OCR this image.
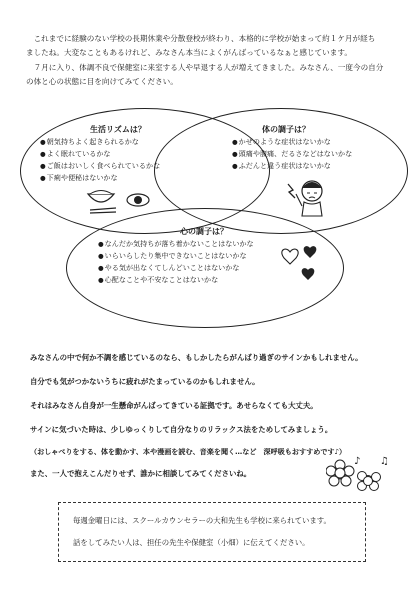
これまでに経験のない学校の長期休業や分散登校が終わり、本格的に学校が始まって約１ケ月が経ち

ましたね。大変なこともあるけれど、みなさん本当によくがんばっているなぁと感じています。

７月に入り、体調不良で保健室に来室する人や早退する人が増えてきました。みなさん、一度今の自分

の体と心の状態に目を向けてみてください。

生活リズムは？
● 朝気持ちよく起きられるかな
● よく眠れているかな
● ご飯はおいしく食べられているかな
● 下痢や便秘はないかな
体の調子は？
● かぜのような症状はないかな
● 頭痛や腹痛、だるさなどはないかな
● ふだんと違う症状はないかな
心の調子は？
● なんだか気持ちが落ち着かないことはないかな
● いらいらしたり集中できないことはないかな
● やる気が出なくてしんどいことはないかな
● 心配なことや不安なことはないかな
みなさんの中で何か不調を感じているのなら、もしかしたらがんばり過ぎのサインかもしれません。
自分でも気がつかないうちに疲れがたまっているのかもしれません。
それはみなさん自身が一生懸命がんばってきている証拠です。あせらなくても大丈夫。
サインに気づいた時は、少しゆっくりして自分なりのリラックス法をためしてみましょう。
（おしゃべりをする、体を動かす、本や漫画を読む、音楽を聞く…など　深呼吸もおすすめです♪）
また、一人で抱えこんだりせず、誰かに相談してみてくださいね。
♪ ♫

毎週金曜日には、スクールカウンセラーの大和先生も学校に来られています。

話をしてみたい人は、担任の先生や保健室（小畑）に伝えてください。
